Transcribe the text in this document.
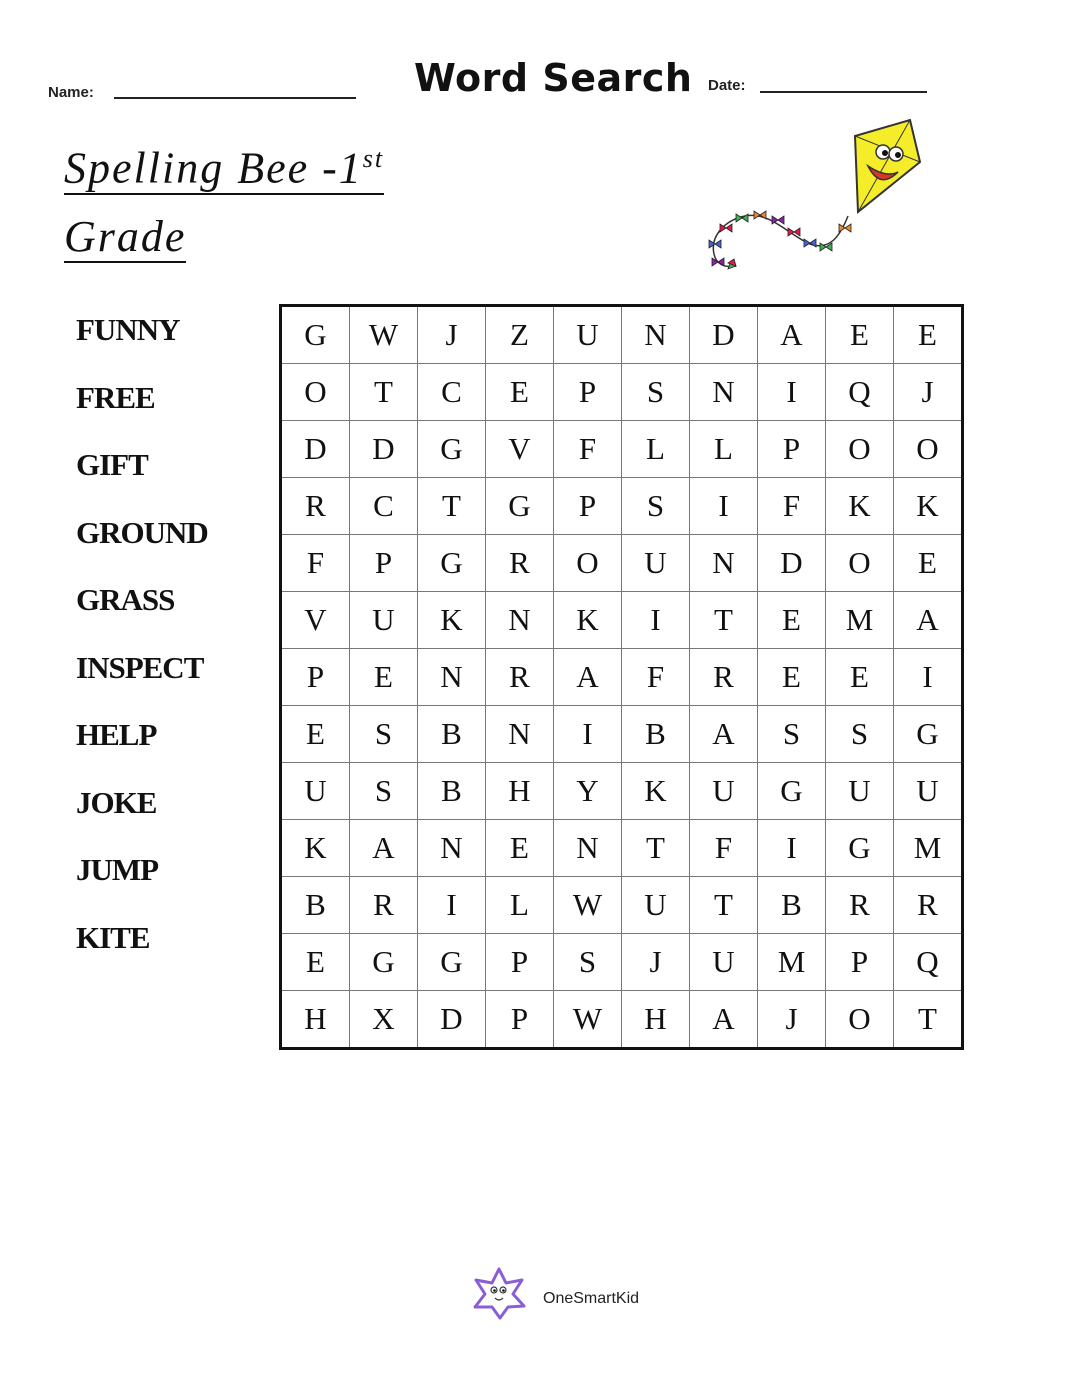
Name:	Word Search Date:
Spelling Bee -1st
Grade
FUNNY
FREE
GIFT
GROUND
GRASS
INSPECT
HELP
JOKE
JUMP
KITE
G	W	J	Z	U	N	D	A	E	E
O	T	C	E	P	S	N	I	Q	J
D	D	G	V	F	L	L	P	O	O
R	C	T	G	P	S	I	F	K	K
F	P	G	R	O	U	N	D	O	E
V	U	K	N	K	I	T	E	M	A
P	E	N	R	A	F	R	E	E	I
E	S	B	N	I	B	A	S	S	G
U	S	B	H	Y	K	U	G	U	U
K	A	N	E	N	T	F	I	G	M
B	R	I	L	W	U	T	B	R	R
E	G	G	P	S	J	U	M	P	Q
H	X	D	P	W	H	A	J	O	T
OneSmartKid
